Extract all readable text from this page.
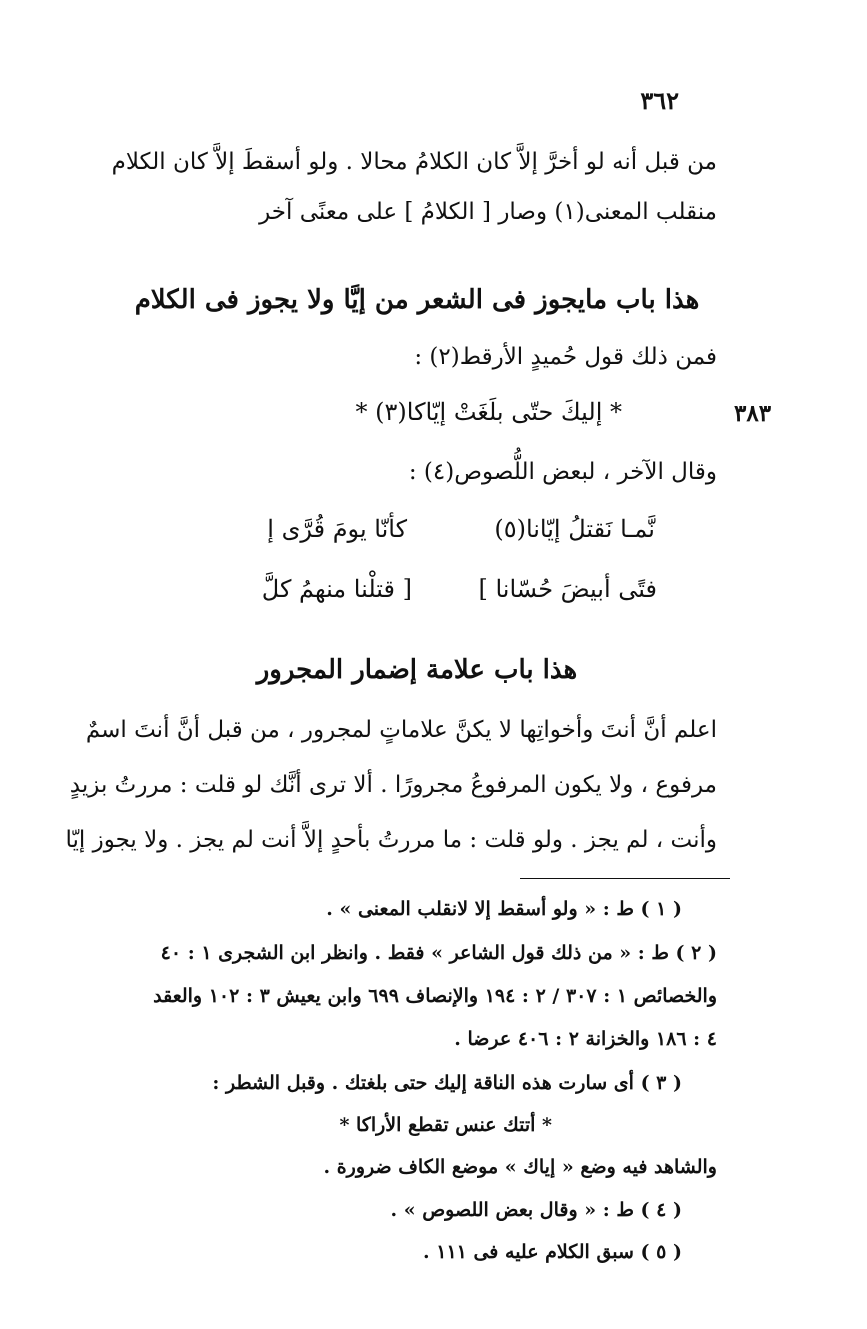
٣٦٢
من قبل أنه لو أخرَّ إلاَّ كان الكلامُ محالا . ولو أسقطَ إلاَّ كان الكلام
منقلب المعنى(١) وصار [ الكلامُ ] على معنًى آخر
هذا باب مايجوز فى الشعر من إيَّا ولا يجوز فى الكلام
فمن ذلك قول حُميدٍ الأرقط(٢) :
* إليكَ حتّى بلَغَتْ إيّاكا(٣) *	٣٨٣
وقال الآخر ، لبعض اللُّصوص(٤) :
كأنّا يومَ قُرَّى إ	نَّمـا نَقتلُ إيّانا(٥)
[ قتلْنا منهمُ كلَّ	فتًى أبيضَ حُسّانا ]
هذا باب علامة إضمار المجرور
اعلم أنَّ أنتَ وأخواتِها لا يكنَّ علاماتٍ لمجرور ، من قبل أنَّ أنتَ اسمٌ
مرفوع ، ولا يكون المرفوعُ مجرورًا . ألا ترى أنَّك لو قلت : مررتُ بزيدٍ
وأنت ، لم يجز . ولو قلت : ما مررتُ بأحدٍ إلاَّ أنت لم يجز . ولا يجوز إيّا
( ١ ) ط : « ولو أسقط إلا لانقلب المعنى » .
( ٢ ) ط : « من ذلك قول الشاعر » فقط . وانظر ابن الشجرى ١ : ٤٠
والخصائص ١ : ٣٠٧ / ٢ : ١٩٤ والإنصاف ٦٩٩ وابن يعيش ٣ : ١٠٢ والعقد
٤ : ١٨٦ والخزانة ٢ : ٤٠٦ عرضا .
( ٣ ) أى سارت هذه الناقة إليك حتى بلغتك . وقبل الشطر :
* أتتك عنس تقطع الأراكا *
والشاهد فيه وضع « إياك » موضع الكاف ضرورة .
( ٤ ) ط : « وقال بعض اللصوص » .
( ٥ ) سبق الكلام عليه فى ١١١ .
